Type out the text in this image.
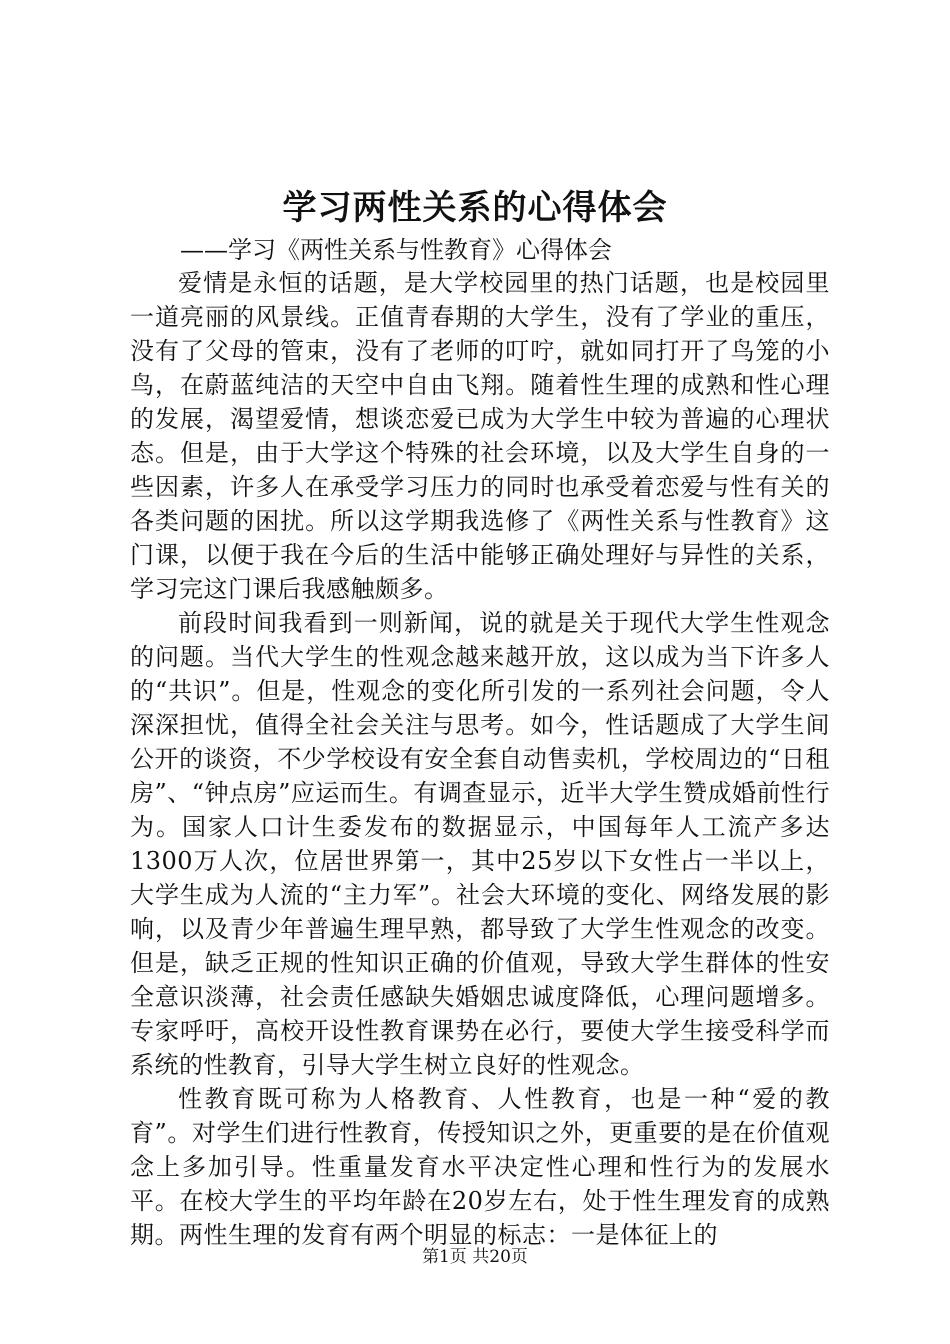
学习两性关系的心得体会
——学习《两性关系与性教育》心得体会

爱情是永恒的话题，是大学校园里的热门话题，也是校园里一道亮丽的风景线。正值青春期的大学生，没有了学业的重压，没有了父母的管束，没有了老师的叮咛，就如同打开了鸟笼的小鸟，在蔚蓝纯洁的天空中自由飞翔。随着性生理的成熟和性心理的发展，渴望爱情，想谈恋爱已成为大学生中较为普遍的心理状态。但是，由于大学这个特殊的社会环境，以及大学生自身的一些因素，许多人在承受学习压力的同时也承受着恋爱与性有关的各类问题的困扰。所以这学期我选修了《两性关系与性教育》这门课，以便于我在今后的生活中能够正确处理好与异性的关系，学习完这门课后我感触颇多。

前段时间我看到一则新闻，说的就是关于现代大学生性观念的问题。当代大学生的性观念越来越开放，这以成为当下许多人的“共识”。但是，性观念的变化所引发的一系列社会问题，令人深深担忧，值得全社会关注与思考。如今，性话题成了大学生间公开的谈资，不少学校设有安全套自动售卖机，学校周边的“日租房”、“钟点房”应运而生。有调查显示，近半大学生赞成婚前性行为。国家人口计生委发布的数据显示，中国每年人工流产多达1300万人次，位居世界第一，其中25岁以下女性占一半以上，大学生成为人流的“主力军”。社会大环境的变化、网络发展的影响，以及青少年普遍生理早熟，都导致了大学生性观念的改变。但是，缺乏正规的性知识正确的价值观，导致大学生群体的性安全意识淡薄，社会责任感缺失婚姻忠诚度降低，心理问题增多。专家呼吁，高校开设性教育课势在必行，要使大学生接受科学而系统的性教育，引导大学生树立良好的性观念。

性教育既可称为人格教育、人性教育，也是一种“爱的教育”。对学生们进行性教育，传授知识之外，更重要的是在价值观念上多加引导。性重量发育水平决定性心理和性行为的发展水平。在校大学生的平均年龄在20岁左右，处于性生理发育的成熟期。两性生理的发育有两个明显的标志：一是体征上的

第1页 共20页
